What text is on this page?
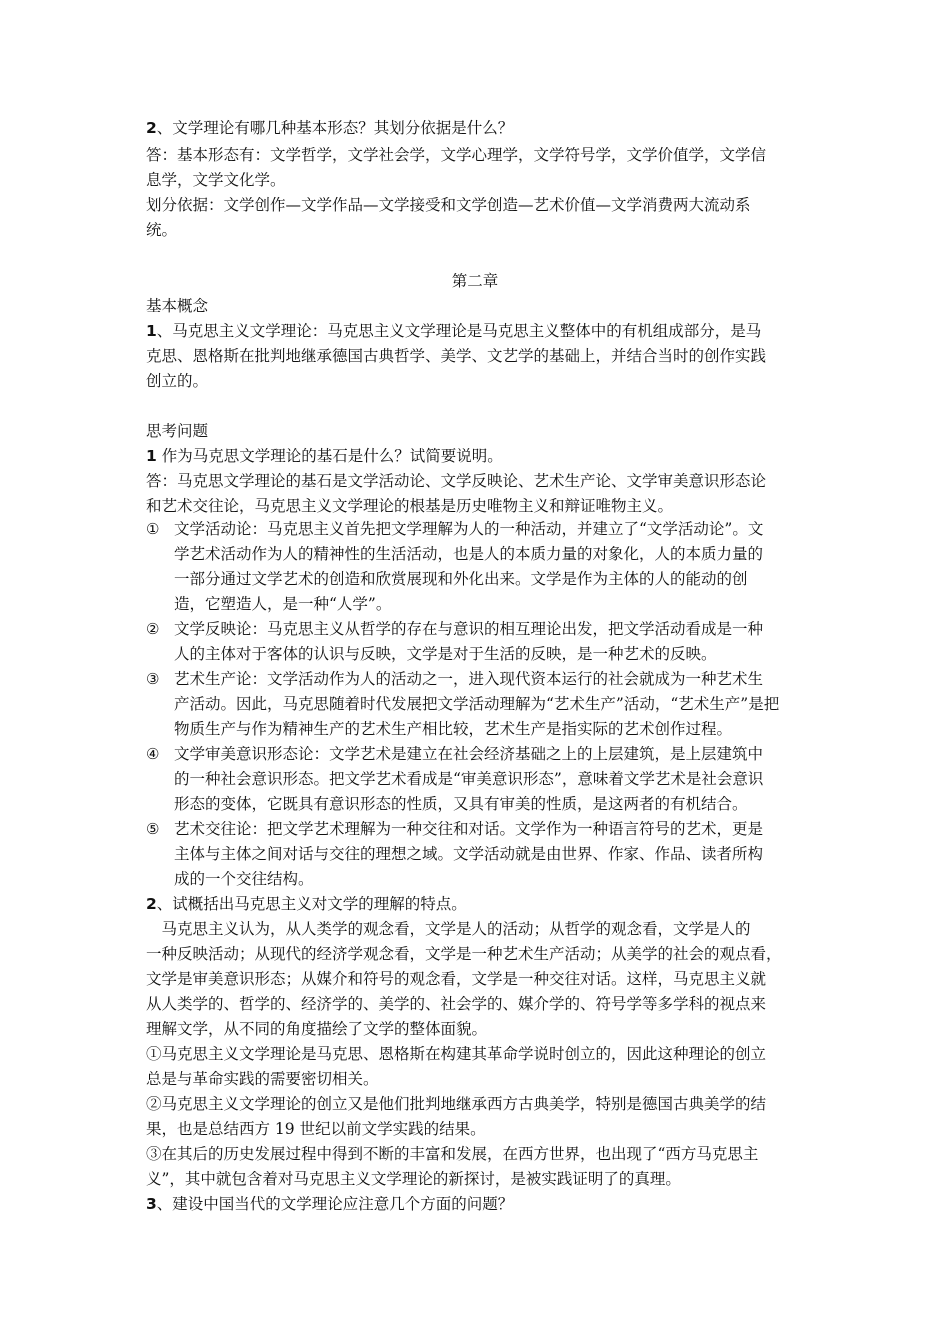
2、文学理论有哪几种基本形态？其划分依据是什么？
答：基本形态有：文学哲学，文学社会学，文学心理学，文学符号学，文学价值学，文学信
息学，文学文化学。
划分依据：文学创作—文学作品—文学接受和文学创造—艺术价值—文学消费两大流动系
统。
第二章
基本概念
1、马克思主义文学理论：马克思主义文学理论是马克思主义整体中的有机组成部分，是马
克思、恩格斯在批判地继承德国古典哲学、美学、文艺学的基础上，并结合当时的创作实践
创立的。
思考问题
1 作为马克思文学理论的基石是什么？试简要说明。
答：马克思文学理论的基石是文学活动论、文学反映论、艺术生产论、文学审美意识形态论
和艺术交往论，马克思主义文学理论的根基是历史唯物主义和辩证唯物主义。
① 文学活动论：马克思主义首先把文学理解为人的一种活动，并建立了“文学活动论”。文
学艺术活动作为人的精神性的生活活动，也是人的本质力量的对象化，人的本质力量的
一部分通过文学艺术的创造和欣赏展现和外化出来。文学是作为主体的人的能动的创
造，它塑造人，是一种“人学”。
② 文学反映论：马克思主义从哲学的存在与意识的相互理论出发，把文学活动看成是一种
人的主体对于客体的认识与反映，文学是对于生活的反映，是一种艺术的反映。
③ 艺术生产论：文学活动作为人的活动之一，进入现代资本运行的社会就成为一种艺术生
产活动。因此，马克思随着时代发展把文学活动理解为“艺术生产”活动，“艺术生产”是把
物质生产与作为精神生产的艺术生产相比较，艺术生产是指实际的艺术创作过程。
④ 文学审美意识形态论：文学艺术是建立在社会经济基础之上的上层建筑，是上层建筑中
的一种社会意识形态。把文学艺术看成是“审美意识形态”，意味着文学艺术是社会意识
形态的变体，它既具有意识形态的性质，又具有审美的性质，是这两者的有机结合。
⑤ 艺术交往论：把文学艺术理解为一种交往和对话。文学作为一种语言符号的艺术，更是
主体与主体之间对话与交往的理想之域。文学活动就是由世界、作家、作品、读者所构
成的一个交往结构。
2、试概括出马克思主义对文学的理解的特点。
　马克思主义认为，从人类学的观念看，文学是人的活动；从哲学的观念看，文学是人的
一种反映活动；从现代的经济学观念看，文学是一种艺术生产活动；从美学的社会的观点看，
文学是审美意识形态；从媒介和符号的观念看，文学是一种交往对话。这样，马克思主义就
从人类学的、哲学的、经济学的、美学的、社会学的、媒介学的、符号学等多学科的视点来
理解文学，从不同的角度描绘了文学的整体面貌。
①马克思主义文学理论是马克思、恩格斯在构建其革命学说时创立的，因此这种理论的创立
总是与革命实践的需要密切相关。
②马克思主义文学理论的创立又是他们批判地继承西方古典美学，特别是德国古典美学的结
果，也是总结西方 19 世纪以前文学实践的结果。
③在其后的历史发展过程中得到不断的丰富和发展，在西方世界，也出现了“西方马克思主
义”，其中就包含着对马克思主义文学理论的新探讨，是被实践证明了的真理。
3、建设中国当代的文学理论应注意几个方面的问题？
